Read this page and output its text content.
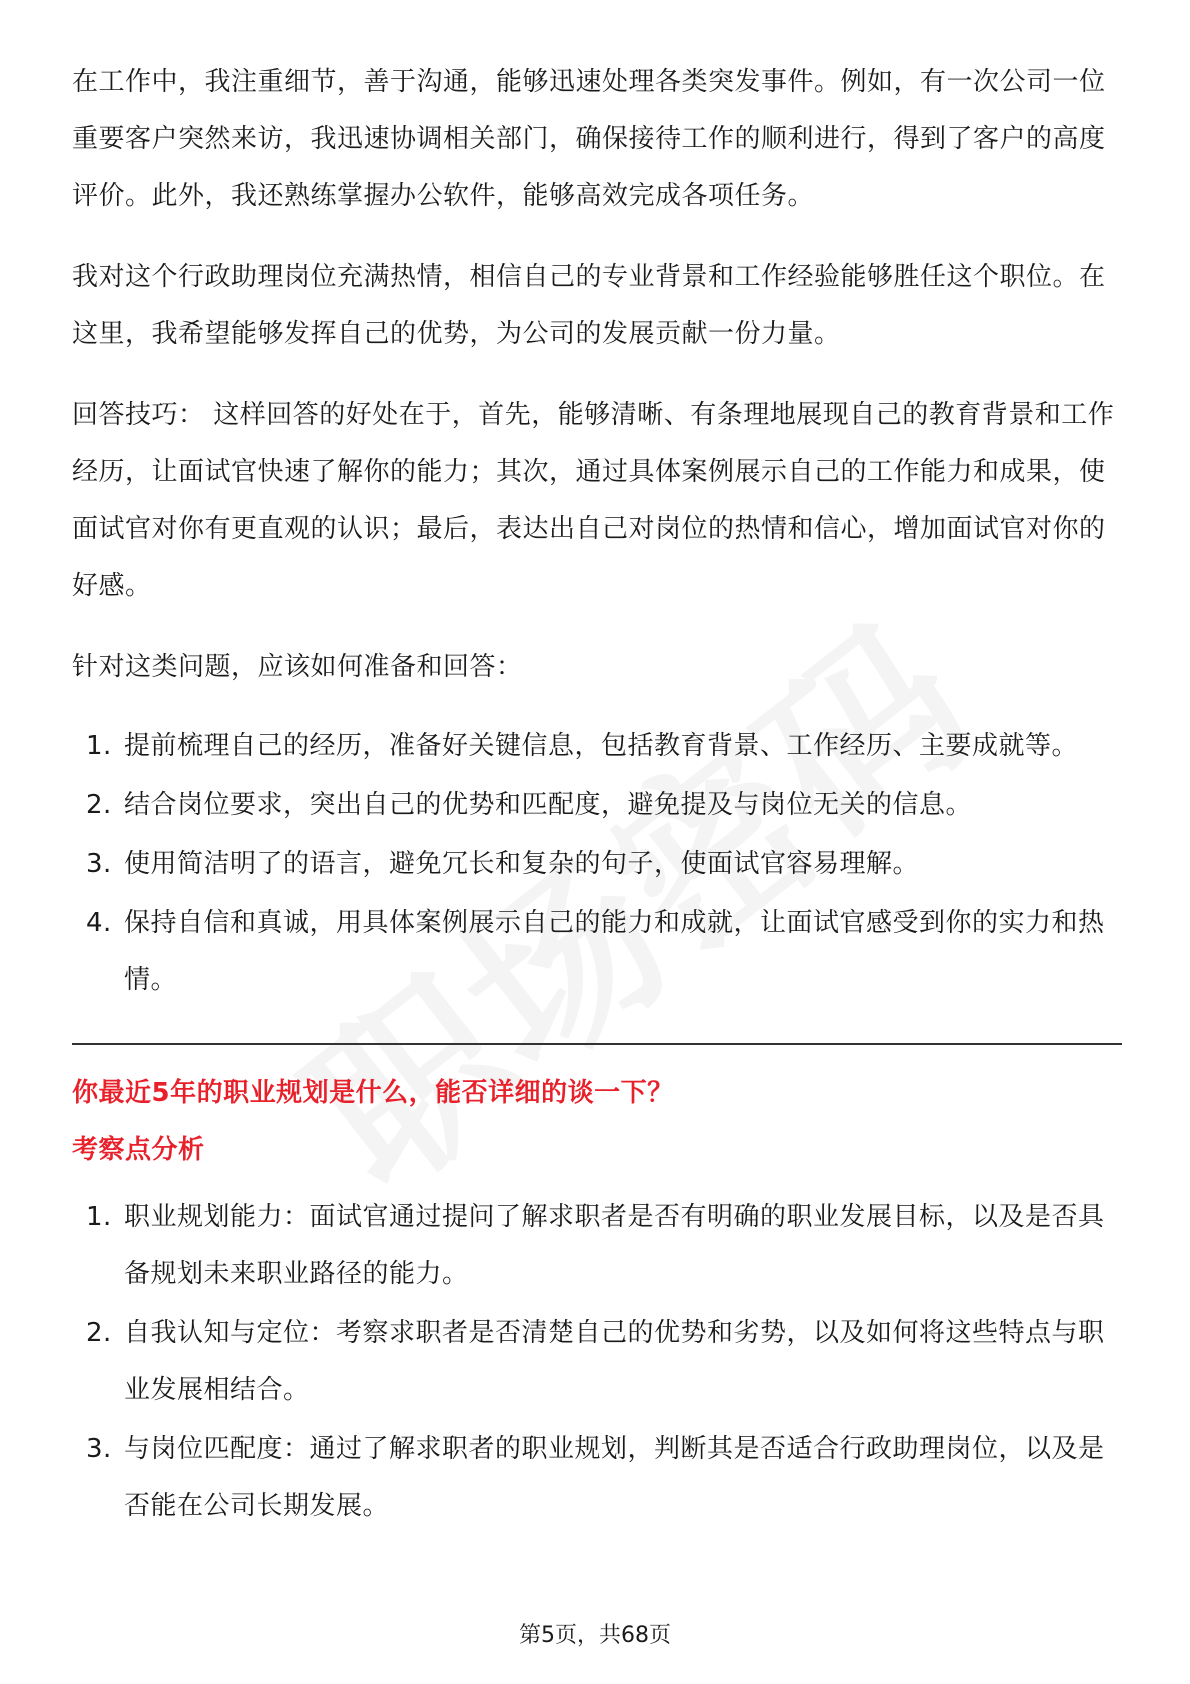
在工作中，我注重细节，善于沟通，能够迅速处理各类突发事件。例如，有一次公司一位重要客户突然来访，我迅速协调相关部门，确保接待工作的顺利进行，得到了客户的高度评价。此外，我还熟练掌握办公软件，能够高效完成各项任务。

我对这个行政助理岗位充满热情，相信自己的专业背景和工作经验能够胜任这个职位。在这里，我希望能够发挥自己的优势，为公司的发展贡献一份力量。

回答技巧： 这样回答的好处在于，首先，能够清晰、有条理地展现自己的教育背景和工作经历，让面试官快速了解你的能力；其次，通过具体案例展示自己的工作能力和成果，使面试官对你有更直观的认识；最后，表达出自己对岗位的热情和信心，增加面试官对你的好感。

针对这类问题，应该如何准备和回答：

1. 提前梳理自己的经历，准备好关键信息，包括教育背景、工作经历、主要成就等。
2. 结合岗位要求，突出自己的优势和匹配度，避免提及与岗位无关的信息。
3. 使用简洁明了的语言，避免冗长和复杂的句子，使面试官容易理解。
4. 保持自信和真诚，用具体案例展示自己的能力和成就，让面试官感受到你的实力和热情。

你最近5年的职业规划是什么，能否详细的谈一下？

考察点分析

1. 职业规划能力：面试官通过提问了解求职者是否有明确的职业发展目标，以及是否具备规划未来职业路径的能力。
2. 自我认知与定位：考察求职者是否清楚自己的优势和劣势，以及如何将这些特点与职业发展相结合。
3. 与岗位匹配度：通过了解求职者的职业规划，判断其是否适合行政助理岗位，以及是否能在公司长期发展。
第5页，共68页
